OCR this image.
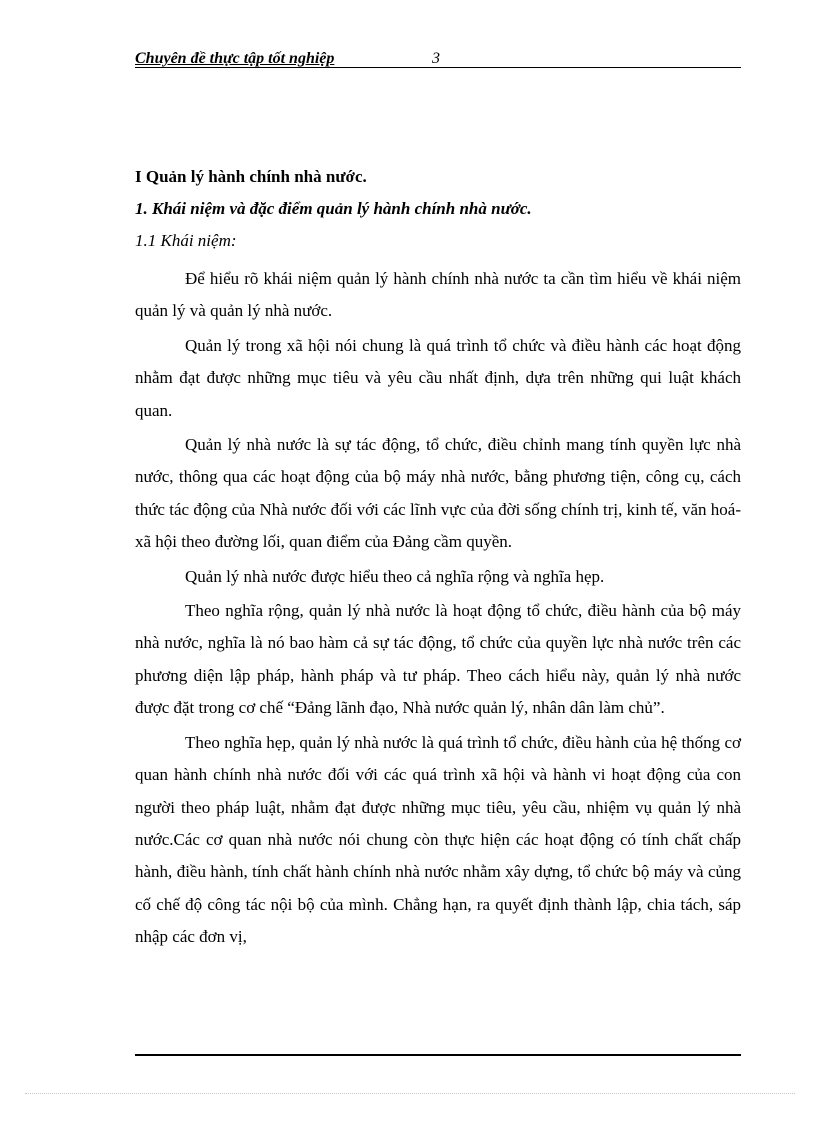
Chuyên đề thực tập tốt nghiệp	3
I Quản lý hành chính nhà nước.
1. Khái niệm và đặc điểm quản lý hành chính nhà nước.
1.1 Khái niệm:

Để hiểu rõ khái niệm quản lý hành chính nhà nước ta cần tìm hiểu về khái niệm quản lý và quản lý nhà nước.

Quản lý trong xã hội nói chung là quá trình tổ chức và điều hành các hoạt động nhằm đạt được những mục tiêu và yêu cầu nhất định, dựa trên những qui luật khách quan.

Quản lý nhà nước là sự tác động, tổ chức, điều chỉnh mang tính quyền lực nhà nước, thông qua các hoạt động của bộ máy nhà nước, bằng phương tiện, công cụ, cách thức tác động của Nhà nước đối với các lĩnh vực của đời sống chính trị, kinh tế, văn hoá-xã hội theo đường lối, quan điểm của Đảng cầm quyền.

Quản lý nhà nước được hiểu theo cả nghĩa rộng và nghĩa hẹp.

Theo nghĩa rộng, quản lý nhà nước là hoạt động tổ chức, điều hành của bộ máy nhà nước, nghĩa là nó bao hàm cả sự tác động, tổ chức của quyền lực nhà nước trên các phương diện lập pháp, hành pháp và tư pháp. Theo cách hiểu này, quản lý nhà nước được đặt trong cơ chế “Đảng lãnh đạo, Nhà nước quản lý, nhân dân làm chủ”.

Theo nghĩa hẹp, quản lý nhà nước là quá trình tổ chức, điều hành của hệ thống cơ quan hành chính nhà nước đối với các quá trình xã hội và hành vi hoạt động của con người theo pháp luật, nhằm đạt được những mục tiêu, yêu cầu, nhiệm vụ quản lý nhà nước.Các cơ quan nhà nước nói chung còn thực hiện các hoạt động có tính chất chấp hành, điều hành, tính chất hành chính nhà nước nhằm xây dựng, tổ chức bộ máy và củng cố chế độ công tác nội bộ của mình. Chẳng hạn, ra quyết định thành lập, chia tách, sáp nhập các đơn vị,
